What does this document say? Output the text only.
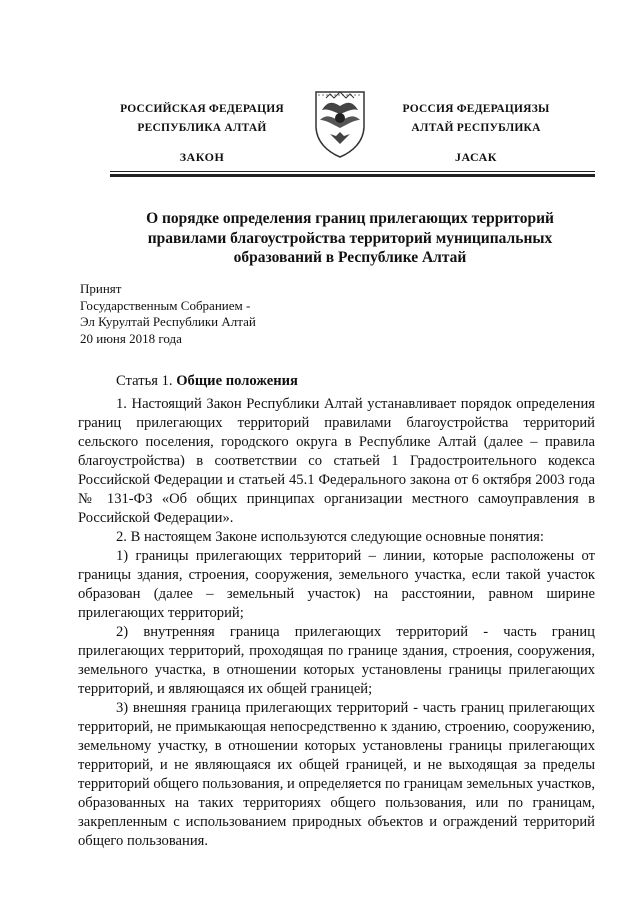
РОССИЙСКАЯ ФЕДЕРАЦИЯ
РЕСПУБЛИКА АЛТАЙ
ЗАКОН
РОССИЯ ФЕДЕРАЦИЯЗЫ
АЛТАЙ РЕСПУБЛИКА
JАСАК
О порядке определения границ прилегающих территорий правилами благоустройства территорий муниципальных образований в Республике Алтай
Принят
Государственным Собранием -
Эл Курултай Республики Алтай
20 июня 2018 года
Статья 1. Общие положения

1. Настоящий Закон Республики Алтай устанавливает порядок определения границ прилегающих территорий правилами благоустройства территорий сельского поселения, городского округа в Республике Алтай (далее – правила благоустройства) в соответствии со статьей 1 Градостроительного кодекса Российской Федерации и статьей 45.1 Федерального закона от 6 октября 2003 года № 131-ФЗ «Об общих принципах организации местного самоуправления в Российской Федерации».

2. В настоящем Законе используются следующие основные понятия:

1) границы прилегающих территорий – линии, которые расположены от границы здания, строения, сооружения, земельного участка, если такой участок образован (далее – земельный участок) на расстоянии, равном ширине прилегающих территорий;

2) внутренняя граница прилегающих территорий - часть границ прилегающих территорий, проходящая по границе здания, строения, сооружения, земельного участка, в отношении которых установлены границы прилегающих территорий, и являющаяся их общей границей;

3) внешняя граница прилегающих территорий - часть границ прилегающих территорий, не примыкающая непосредственно к зданию, строению, сооружению, земельному участку, в отношении которых установлены границы прилегающих территорий, и не являющаяся их общей границей, и не выходящая за пределы территорий общего пользования, и определяется по границам земельных участков, образованных на таких территориях общего пользования, или по границам, закрепленным с использованием природных объектов и ограждений территорий общего пользования.
